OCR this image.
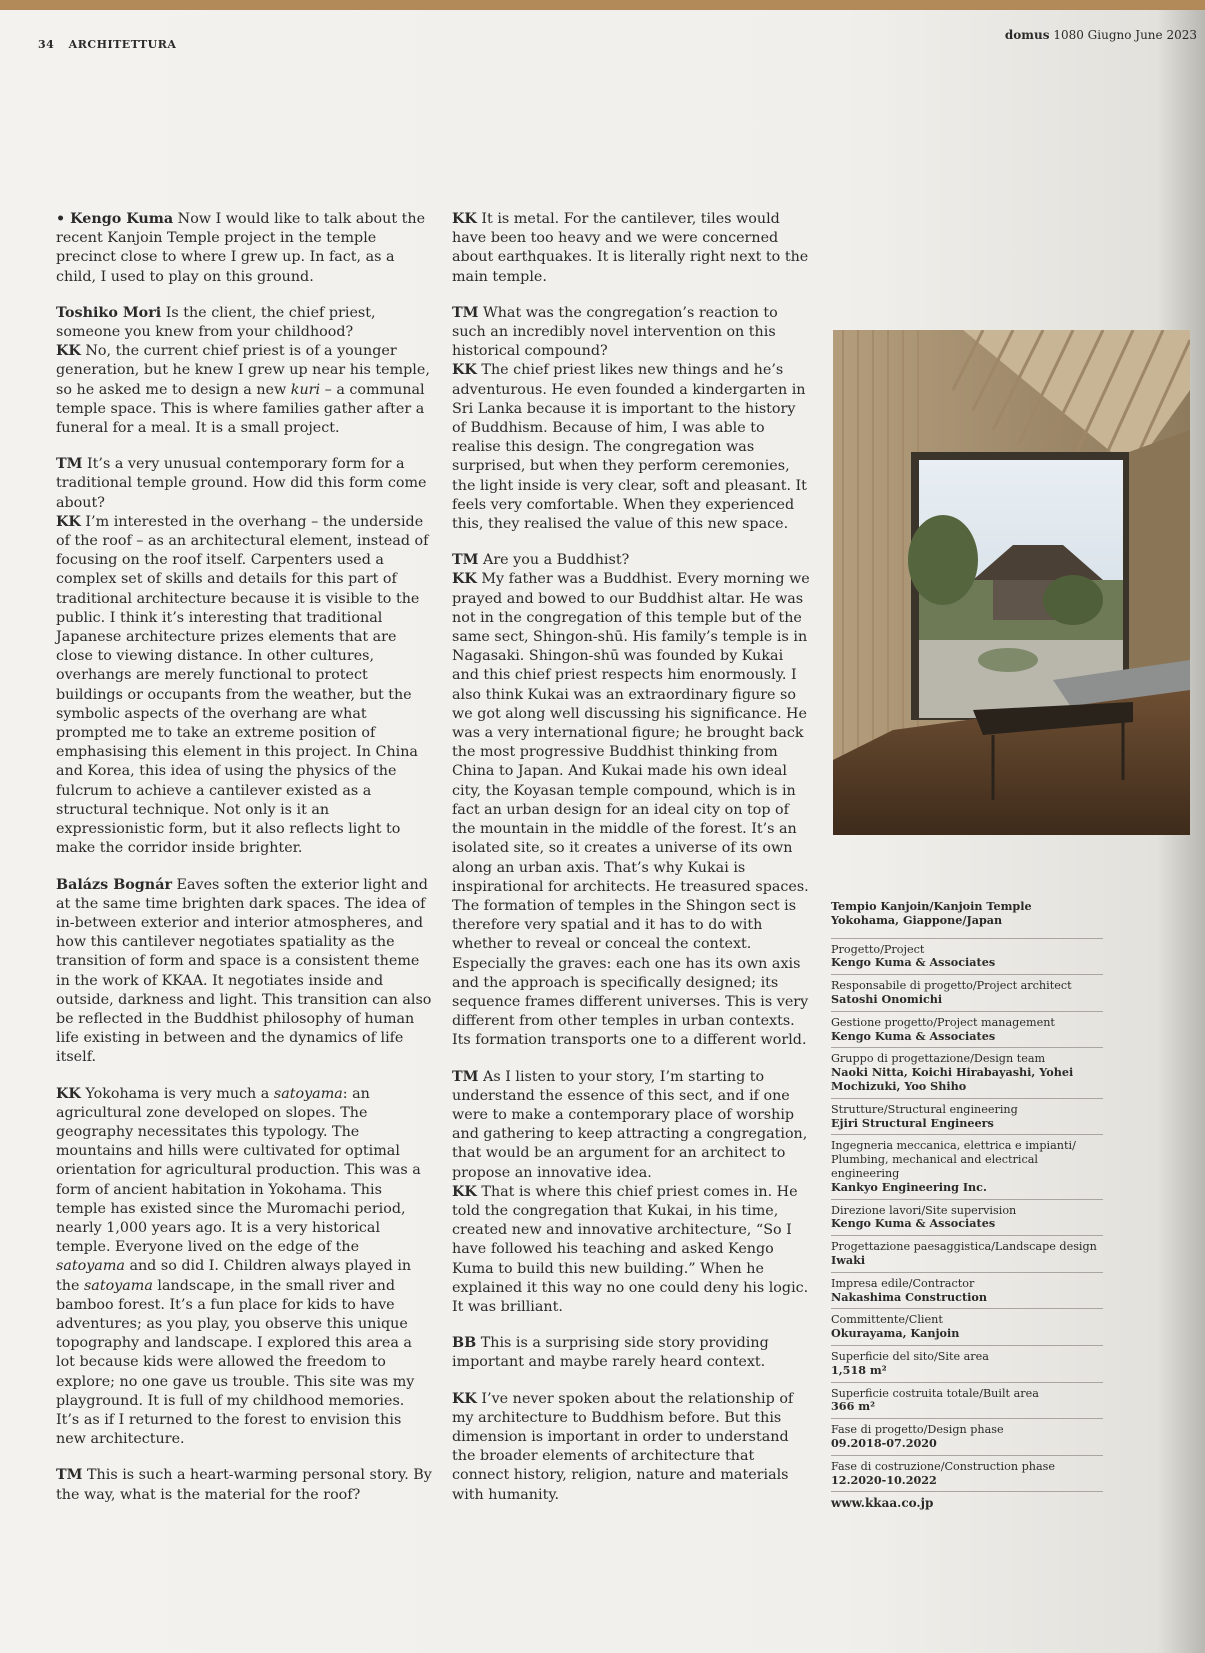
34 ARCHITETTURA
domus 1080 Giugno June 2023

• Kengo Kuma Now I would like to talk about the recent Kanjoin Temple project in the temple precinct close to where I grew up. In fact, as a child, I used to play on this ground.

Toshiko Mori Is the client, the chief priest, someone you knew from your childhood?

KK No, the current chief priest is of a younger generation, but he knew I grew up near his temple, so he asked me to design a new kuri – a communal temple space. This is where families gather after a funeral for a meal. It is a small project.

TM It’s a very unusual contemporary form for a traditional temple ground. How did this form come about?

KK I’m interested in the overhang – the underside of the roof – as an architectural element, instead of focusing on the roof itself. Carpenters used a complex set of skills and details for this part of traditional architecture because it is visible to the public. I think it’s interesting that traditional Japanese architecture prizes elements that are close to viewing distance. In other cultures, overhangs are merely functional to protect buildings or occupants from the weather, but the symbolic aspects of the overhang are what prompted me to take an extreme position of emphasising this element in this project. In China and Korea, this idea of using the physics of the fulcrum to achieve a cantilever existed as a structural technique. Not only is it an expressionistic form, but it also reflects light to make the corridor inside brighter.

Balázs Bognár Eaves soften the exterior light and at the same time brighten dark spaces. The idea of in-between exterior and interior atmospheres, and how this cantilever negotiates spatiality as the transition of form and space is a consistent theme in the work of KKAA. It negotiates inside and outside, darkness and light. This transition can also be reflected in the Buddhist philosophy of human life existing in between and the dynamics of life itself.

KK Yokohama is very much a satoyama: an agricultural zone developed on slopes. The geography necessitates this typology. The mountains and hills were cultivated for optimal orientation for agricultural production. This was a form of ancient habitation in Yokohama. This temple has existed since the Muromachi period, nearly 1,000 years ago. It is a very historical temple. Everyone lived on the edge of the satoyama and so did I. Children always played in the satoyama landscape, in the small river and bamboo forest. It’s a fun place for kids to have adventures; as you play, you observe this unique topography and landscape. I explored this area a lot because kids were allowed the freedom to explore; no one gave us trouble. This site was my playground. It is full of my childhood memories. It’s as if I returned to the forest to envision this new architecture.

TM This is such a heart-warming personal story. By the way, what is the material for the roof?

KK It is metal. For the cantilever, tiles would have been too heavy and we were concerned about earthquakes. It is literally right next to the main temple.

TM What was the congregation’s reaction to such an incredibly novel intervention on this historical compound?

KK The chief priest likes new things and he’s adventurous. He even founded a kindergarten in Sri Lanka because it is important to the history of Buddhism. Because of him, I was able to realise this design. The congregation was surprised, but when they perform ceremonies, the light inside is very clear, soft and pleasant. It feels very comfortable. When they experienced this, they realised the value of this new space.

TM Are you a Buddhist?

KK My father was a Buddhist. Every morning we prayed and bowed to our Buddhist altar. He was not in the congregation of this temple but of the same sect, Shingon-shū. His family’s temple is in Nagasaki. Shingon-shū was founded by Kukai and this chief priest respects him enormously. I also think Kukai was an extraordinary figure so we got along well discussing his significance. He was a very international figure; he brought back the most progressive Buddhist thinking from China to Japan. And Kukai made his own ideal city, the Koyasan temple compound, which is in fact an urban design for an ideal city on top of the mountain in the middle of the forest. It’s an isolated site, so it creates a universe of its own along an urban axis. That’s why Kukai is inspirational for architects. He treasured spaces. The formation of temples in the Shingon sect is therefore very spatial and it has to do with whether to reveal or conceal the context. Especially the graves: each one has its own axis and the approach is specifically designed; its sequence frames different universes. This is very different from other temples in urban contexts. Its formation transports one to a different world.

TM As I listen to your story, I’m starting to understand the essence of this sect, and if one were to make a contemporary place of worship and gathering to keep attracting a congregation, that would be an argument for an architect to propose an innovative idea.

KK That is where this chief priest comes in. He told the congregation that Kukai, in his time, created new and innovative architecture, “So I have followed his teaching and asked Kengo Kuma to build this new building.” When he explained it this way no one could deny his logic. It was brilliant.

BB This is a surprising side story providing important and maybe rarely heard context.

KK I’ve never spoken about the relationship of my architecture to Buddhism before. But this dimension is important in order to understand the broader elements of architecture that connect history, religion, nature and materials with humanity.

Tempio Kanjoin/Kanjoin Temple
Yokohama, Giappone/Japan
Progetto/Project
Kengo Kuma & Associates
Responsabile di progetto/Project architect
Satoshi Onomichi
Gestione progetto/Project management
Kengo Kuma & Associates
Gruppo di progettazione/Design team
Naoki Nitta, Koichi Hirabayashi, Yohei Mochizuki, Yoo Shiho
Strutture/Structural engineering
Ejiri Structural Engineers
Ingegneria meccanica, elettrica e impianti/ Plumbing, mechanical and electrical engineering
Kankyo Engineering Inc.
Direzione lavori/Site supervision
Kengo Kuma & Associates
Progettazione paesaggistica/Landscape design
Iwaki
Impresa edile/Contractor
Nakashima Construction
Committente/Client
Okurayama, Kanjoin
Superficie del sito/Site area
1,518 m²
Superficie costruita totale/Built area
366 m²
Fase di progetto/Design phase
09.2018-07.2020
Fase di costruzione/Construction phase
12.2020-10.2022
www.kkaa.co.jp
